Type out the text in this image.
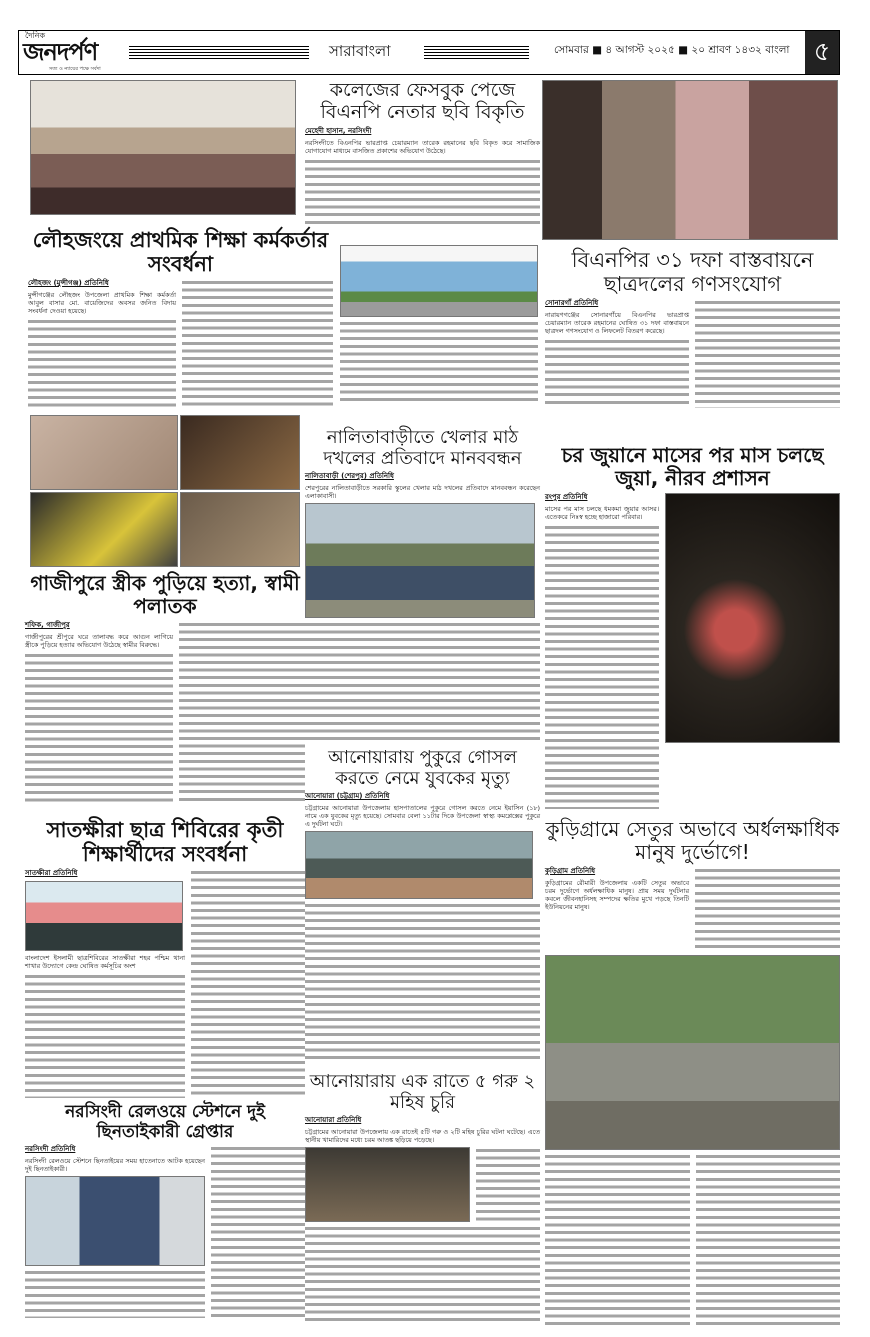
দৈনিক
জনদর্পণ
সত্য ও ন্যায়ের পক্ষে সর্বদা
সারাবাংলা	সোমবার ■ ৪ আগস্ট ২০২৫ ■ ২০ শ্রাবণ ১৪৩২ বাংলা ৫
কলেজের ফেসবুক পেজে বিএনপি নেতার ছবি বিকৃতি
মেহেদী হাসান, নরসিংদী

নরসিংদীতে বিএনপির ভারপ্রাপ্ত চেয়ারম্যান তারেক রহমানের ছবি বিকৃত করে সামাজিক যোগাযোগ মাধ্যমে বাসজিত প্রকাশের অভিযোগ উঠেছে।

লৌহজংয়ে প্রাথমিক শিক্ষা কর্মকর্তার সংবর্ধনা
লৌহজং (মুন্সীগঞ্জ) প্রতিনিধি

মুন্সীগঞ্জের লৌহজং উপজেলা প্রাথমিক শিক্ষা কর্মকর্তা আবুল বাসার মো. বায়েজিদের অবসর জনিত বিদায় সংবর্ধনা দেওয়া হয়েছে।

বিএনপির ৩১ দফা বাস্তবায়নে ছাত্রদলের গণসংযোগ
সোনারগাঁ প্রতিনিধি

নারায়ণগঞ্জের সোনারগাঁয়ে বিএনপির ভারপ্রাপ্ত চেয়ারম্যান তারেক রহমানের ঘোষিত ৩১ দফা বাস্তবায়নে ছাত্রদল গণসংযোগ ও লিফলেট বিতরণ করেছে।

নালিতাবাড়ীতে খেলার মাঠ দখলের প্রতিবাদে মানববন্ধন
নালিতাবাড়ী (শেরপুর) প্রতিনিধি

শেরপুরের নালিতাবাড়ীতে সরকারি স্কুলের খেলার মাঠ দখলের প্রতিবাদে মানববন্ধন করেছেন এলাকাবাসী।

চর জুয়ানে মাসের পর মাস চলছে জুয়া, নীরব প্রশাসন
রংপুর প্রতিনিধি

মাসের পর মাস চলছে ধমকমা জুয়ার আসর। এতেকরে নিঃস্ব হচ্ছে হাজারো পরিবার।

গাজীপুরে স্ত্রীক পুড়িয়ে হত্যা, স্বামী পলাতক
শফিক, গাজীপুর

গাজীপুরের শ্রীপুরে ঘরে তালাবদ্ধ করে আগুন লাগিয়ে স্ত্রীকে পুড়িয়ে হত্যার অভিযোগ উঠেছে স্বামীর বিরুদ্ধে।

আনোয়ারায় পুকুরে গোসল করতে নেমে যুবকের মৃত্যু
আনোয়ারা (চট্টগ্রাম) প্রতিনিধি

চট্টগ্রামের আনোয়ারা উপজেলায় হাসপাতালের পুকুরে গোসল করতে নেমে ইয়াসিন (১৮) নামে এক যুবকের মৃত্যু হয়েছে। সোমবার বেলা ১১টার দিকে উপজেলা স্বাস্থ্য কমপ্লেক্সের পুকুরে এ দুর্ঘটনা ঘটে।

সাতক্ষীরা ছাত্র শিবিরের কৃতী শিক্ষার্থীদের সংবর্ধনা
সাতক্ষীরা প্রতিনিধি

বাংলাদেশ ইসলামী ছাত্রশিবিরের সাতক্ষীরা শহর পশ্চিম থানা শাখার উদ্যোগে কেন্দ্র ঘোষিত কর্মসূচির অংশ

কুড়িগ্রামে সেতুর অভাবে অর্ধলক্ষাধিক মানুষ দুর্ভোগে!
কুড়িগ্রাম প্রতিনিধি

কুড়িগ্রামের রৌমারী উপজেলায় একটি সেতুর অভাবে চরম দুর্ভোগে অর্ধলক্ষাধিক মানুষ। প্রায় সময় দুর্ঘটনার কবলে জীবনহানিসহ সম্পদের ক্ষতির মুখে পড়ছে তিনটি ইউনিয়নের মানুষ।

আনোয়ারায় এক রাতে ৫ গরু ২ মহিষ চুরি
আনোয়ারা প্রতিনিধি

চট্টগ্রামের আনোয়ারা উপজেলায় এক রাতেই ৫টি গরু ও ২টি মহিষ চুরির ঘটনা ঘটেছে। এতে স্থানীয় খামারিদের মধ্যে চরম আতঙ্ক ছড়িয়ে পড়েছে।

নরসিংদী রেলওয়ে স্টেশনে দুই ছিনতাইকারী গ্রেপ্তার
নরসিংদী প্রতিনিধি

নরসিংদী রেলওয়ে স্টেশনে ছিনতাইয়ের সময় হাতেনাতে আটক হয়েছেন দুই ছিনতাইকারী।
